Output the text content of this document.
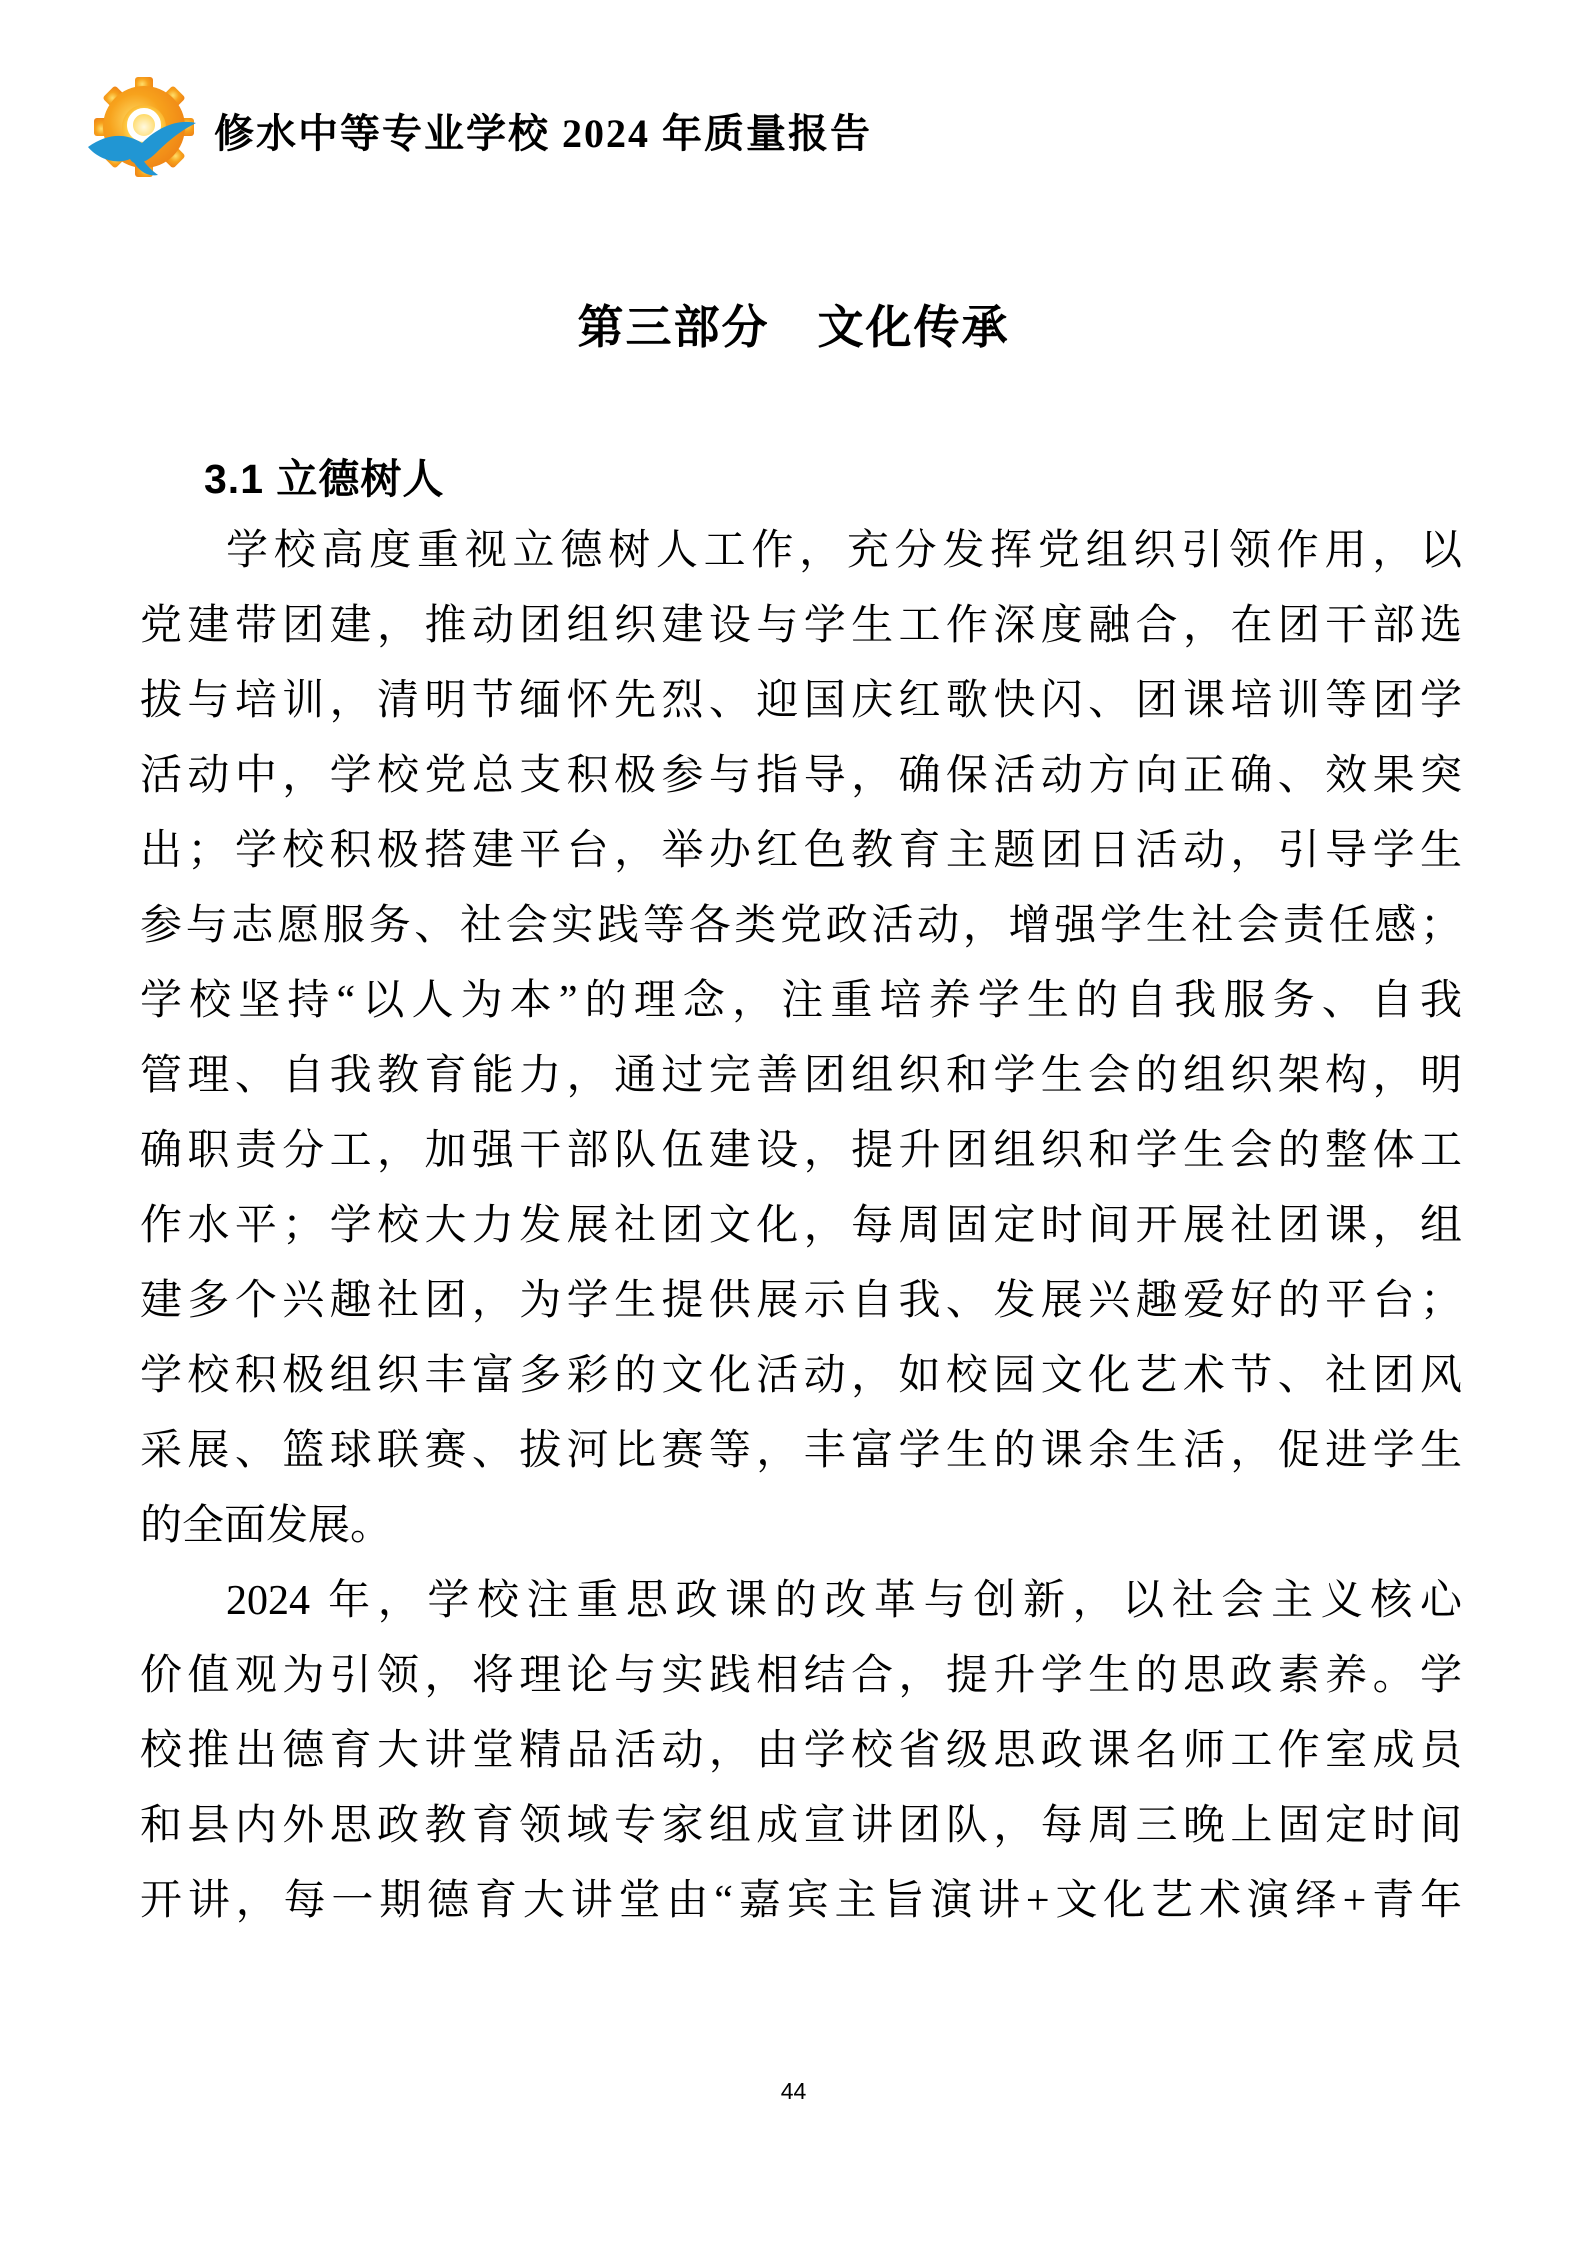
修水中等专业学校 2024 年质量报告
第三部分　文化传承
3.1 立德树人
学校高度重视立德树人工作，充分发挥党组织引领作用，以
党建带团建，推动团组织建设与学生工作深度融合，在团干部选
拔与培训，清明节缅怀先烈、迎国庆红歌快闪、团课培训等团学
活动中，学校党总支积极参与指导，确保活动方向正确、效果突
出；学校积极搭建平台，举办红色教育主题团日活动，引导学生
参与志愿服务、社会实践等各类党政活动，增强学生社会责任感；
学校坚持“以人为本”的理念，注重培养学生的自我服务、自我
管理、自我教育能力，通过完善团组织和学生会的组织架构，明
确职责分工，加强干部队伍建设，提升团组织和学生会的整体工
作水平；学校大力发展社团文化，每周固定时间开展社团课，组
建多个兴趣社团，为学生提供展示自我、发展兴趣爱好的平台；
学校积极组织丰富多彩的文化活动，如校园文化艺术节、社团风
采展、篮球联赛、拔河比赛等，丰富学生的课余生活，促进学生
的全面发展。
2024 年，学校注重思政课的改革与创新，以社会主义核心
价值观为引领，将理论与实践相结合，提升学生的思政素养。学
校推出德育大讲堂精品活动，由学校省级思政课名师工作室成员
和县内外思政教育领域专家组成宣讲团队，每周三晚上固定时间
开讲，每一期德育大讲堂由“嘉宾主旨演讲+文化艺术演绎+青年
44
